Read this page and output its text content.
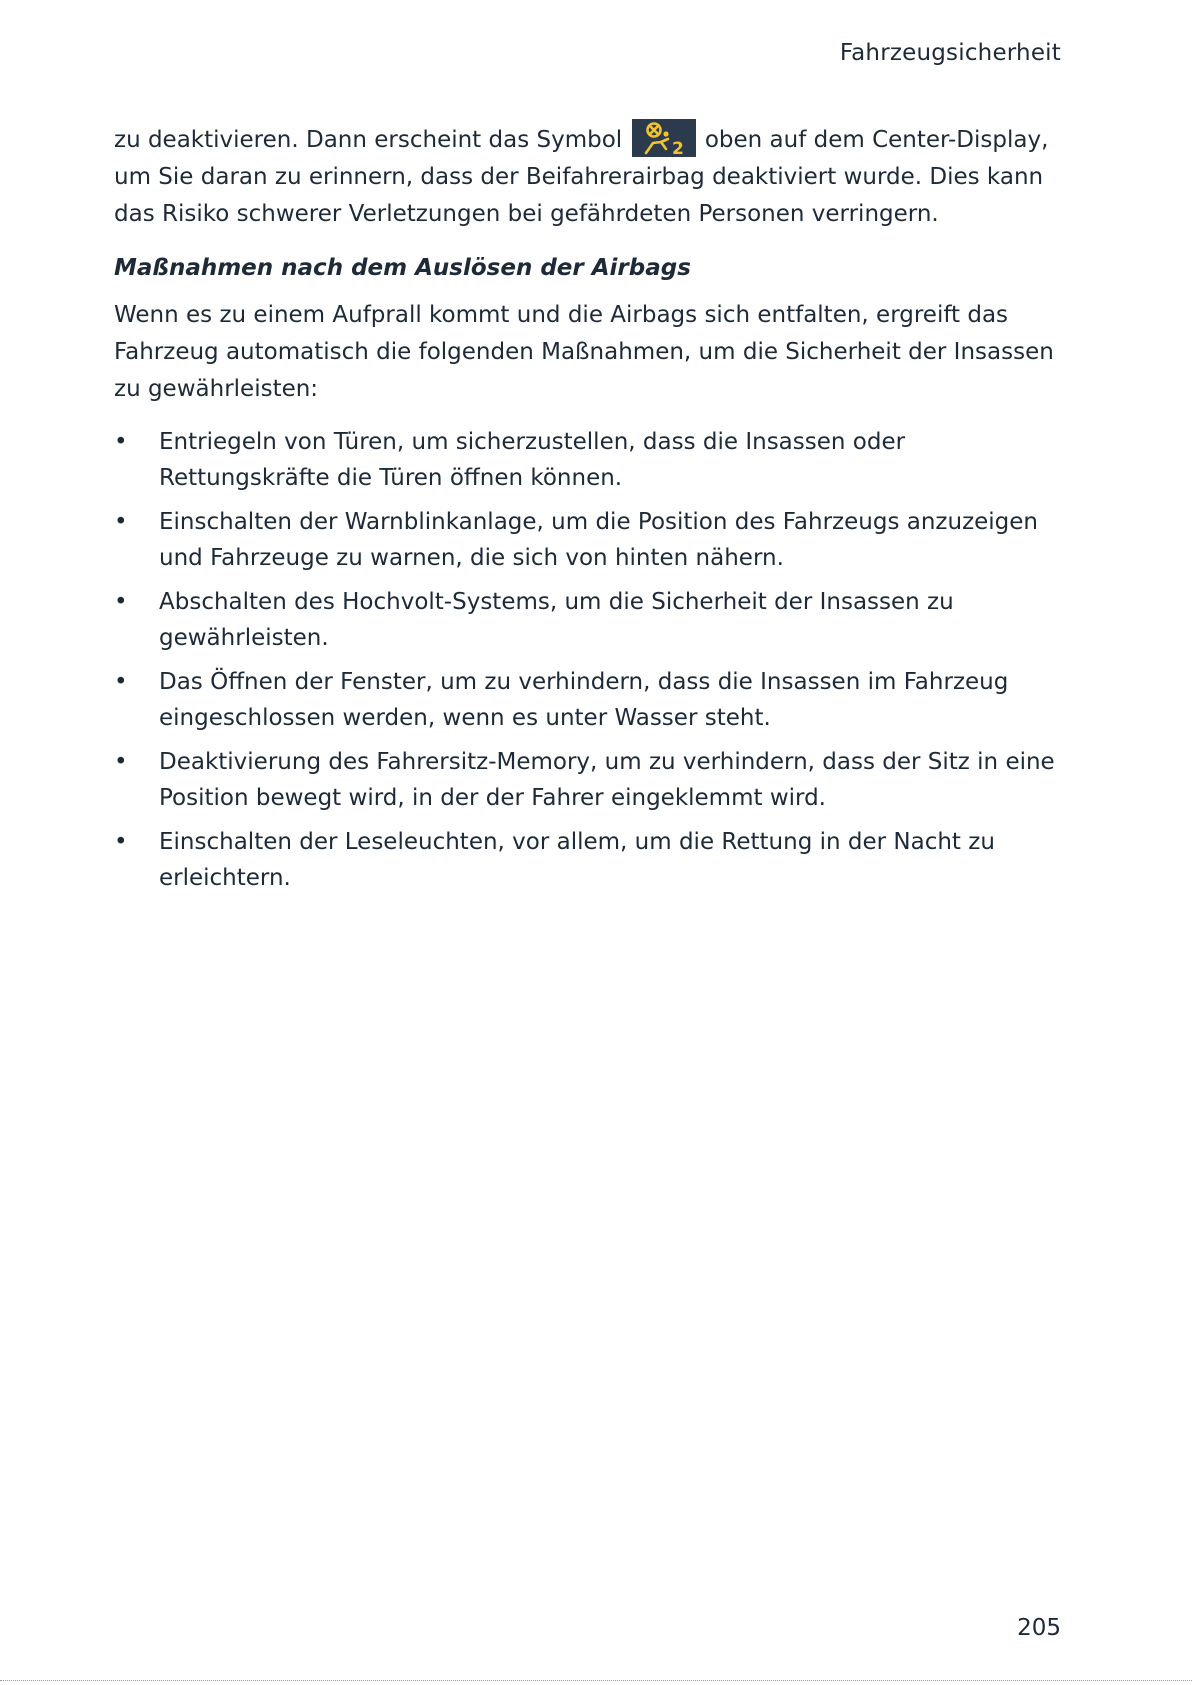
Fahrzeugsicherheit

zu deaktivieren. Dann erscheint das Symbol	2 oben auf dem Center-Display, um Sie daran zu erinnern, dass der Beifahrerairbag deaktiviert wurde. Dies kann das Risiko schwerer Verletzungen bei gefährdeten Personen verringern.

Maßnahmen nach dem Auslösen der Airbags

Wenn es zu einem Aufprall kommt und die Airbags sich entfalten, ergreift das Fahrzeug automatisch die folgenden Maßnahmen, um die Sicherheit der Insassen zu gewährleisten:

• Entriegeln von Türen, um sicherzustellen, dass die Insassen oder Rettungskräfte die Türen öffnen können.
• Einschalten der Warnblinkanlage, um die Position des Fahrzeugs anzuzeigen und Fahrzeuge zu warnen, die sich von hinten nähern.
• Abschalten des Hochvolt-Systems, um die Sicherheit der Insassen zu gewährleisten.
• Das Öffnen der Fenster, um zu verhindern, dass die Insassen im Fahrzeug eingeschlossen werden, wenn es unter Wasser steht.
• Deaktivierung des Fahrersitz-Memory, um zu verhindern, dass der Sitz in eine Position bewegt wird, in der der Fahrer eingeklemmt wird.
• Einschalten der Leseleuchten, vor allem, um die Rettung in der Nacht zu erleichtern.
205
